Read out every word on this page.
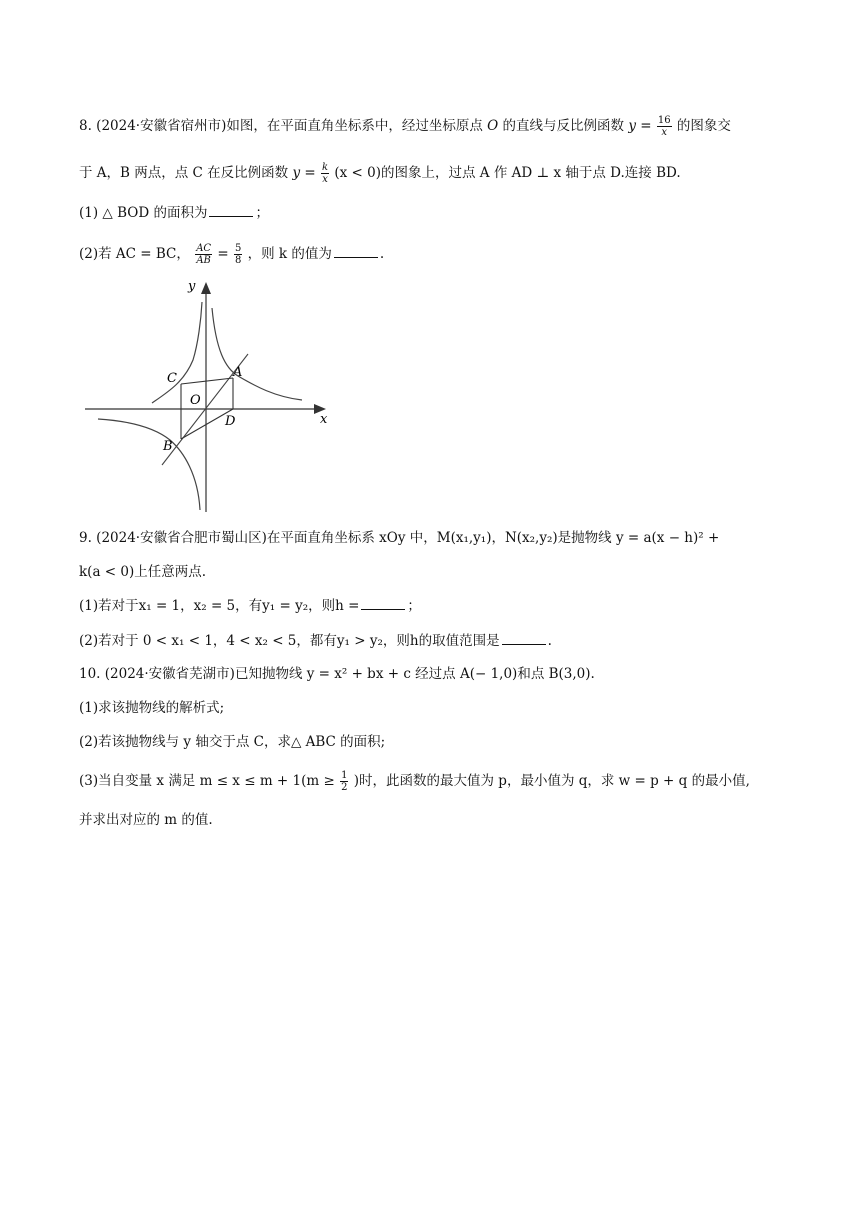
8. (2024·安徽省宿州市)如图，在平面直角坐标系中，经过坐标原点 O 的直线与反比例函数 $y = \frac{16}{x}$ 的图象交
于 A，B 两点，点 C 在反比例函数 $y = \frac{k}{x} (x < 0)$的图象上，过点 A 作 AD ⊥ x 轴于点 D.连接 BD.
(1) △ BOD 的面积为	；
(2)若 AC = BC， $\frac{AC}{AB} = \frac{5}{8}$ ，则 k 的值为	.
y
x
C	A
O
D
B
9. (2024·安徽省合肥市蜀山区)在平面直角坐标系 xOy 中，M(x₁,y₁)，N(x₂,y₂)是抛物线 y = a(x − h)² +
k(a < 0)上任意两点.
(1)若对于x₁ = 1，x₂ = 5，有y₁ = y₂，则h =	；
(2)若对于 0 < x₁ < 1，4 < x₂ < 5，都有y₁ > y₂，则h的取值范围是	.
10. (2024·安徽省芜湖市)已知抛物线 y = x² + bx + c 经过点 A(− 1,0)和点 B(3,0).
(1)求该抛物线的解析式;
(2)若该抛物线与 y 轴交于点 C，求△ ABC 的面积;
(3)当自变量 x 满足 $m \le x \le m + 1(m \ge \frac{1}{2}$ )时，此函数的最大值为 p，最小值为 q，求 w = p + q 的最小值,
并求出对应的 m 的值.
